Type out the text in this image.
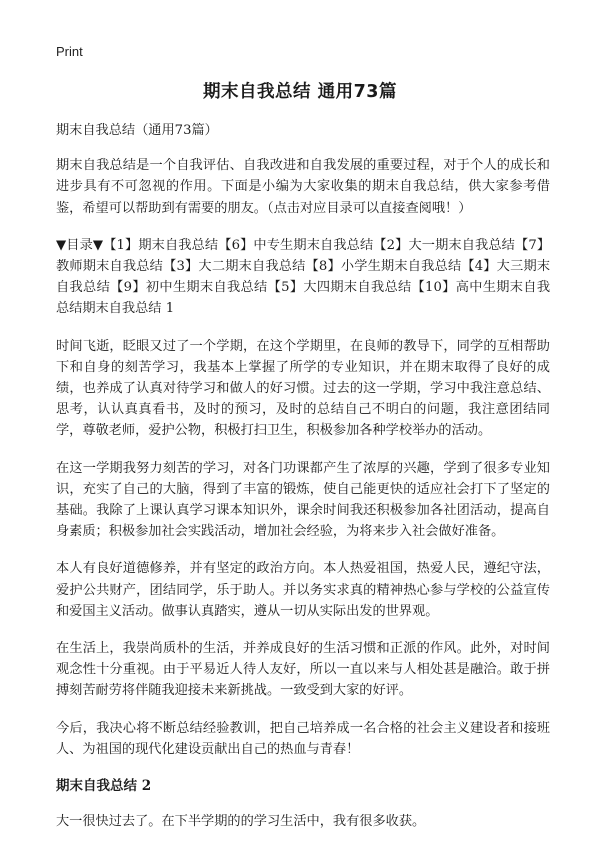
Print
期末自我总结 通用73篇

期末自我总结（通用73篇）

期末自我总结是一个自我评估、自我改进和自我发展的重要过程，对于个人的成长和进步具有不可忽视的作用。下面是小编为大家收集的期末自我总结，供大家参考借鉴，希望可以帮助到有需要的朋友。（点击对应目录可以直接查阅哦！）

▼目录▼【1】期末自我总结【6】中专生期末自我总结【2】大一期末自我总结【7】教师期末自我总结【3】大二期末自我总结【8】小学生期末自我总结【4】大三期末自我总结【9】初中生期末自我总结【5】大四期末自我总结【10】高中生期末自我总结期末自我总结 1

时间飞逝，眨眼又过了一个学期，在这个学期里，在良师的教导下，同学的互相帮助下和自身的刻苦学习，我基本上掌握了所学的专业知识，并在期末取得了良好的成绩，也养成了认真对待学习和做人的好习惯。过去的这一学期，学习中我注意总结、思考，认认真真看书，及时的预习，及时的总结自己不明白的问题，我注意团结同学，尊敬老师，爱护公物，积极打扫卫生，积极参加各种学校举办的活动。

在这一学期我努力刻苦的学习，对各门功课都产生了浓厚的兴趣，学到了很多专业知识，充实了自己的大脑，得到了丰富的锻炼，使自己能更快的适应社会打下了坚定的基础。我除了上课认真学习课本知识外，课余时间我还积极参加各社团活动，提高自身素质；积极参加社会实践活动，增加社会经验，为将来步入社会做好准备。

本人有良好道德修养，并有坚定的政治方向。本人热爱祖国，热爱人民，遵纪守法，爱护公共财产，团结同学，乐于助人。并以务实求真的精神热心参与学校的公益宣传和爱国主义活动。做事认真踏实，遵从一切从实际出发的世界观。

在生活上，我崇尚质朴的生活，并养成良好的生活习惯和正派的作风。此外，对时间观念性十分重视。由于平易近人待人友好，所以一直以来与人相处甚是融洽。敢于拼搏刻苦耐劳将伴随我迎接未来新挑战。一致受到大家的好评。

今后，我决心将不断总结经验教训，把自己培养成一名合格的社会主义建设者和接班人、为祖国的现代化建设贡献出自己的热血与青春！

期末自我总结 2

大一很快过去了。在下半学期的的学习生活中，我有很多收获。
